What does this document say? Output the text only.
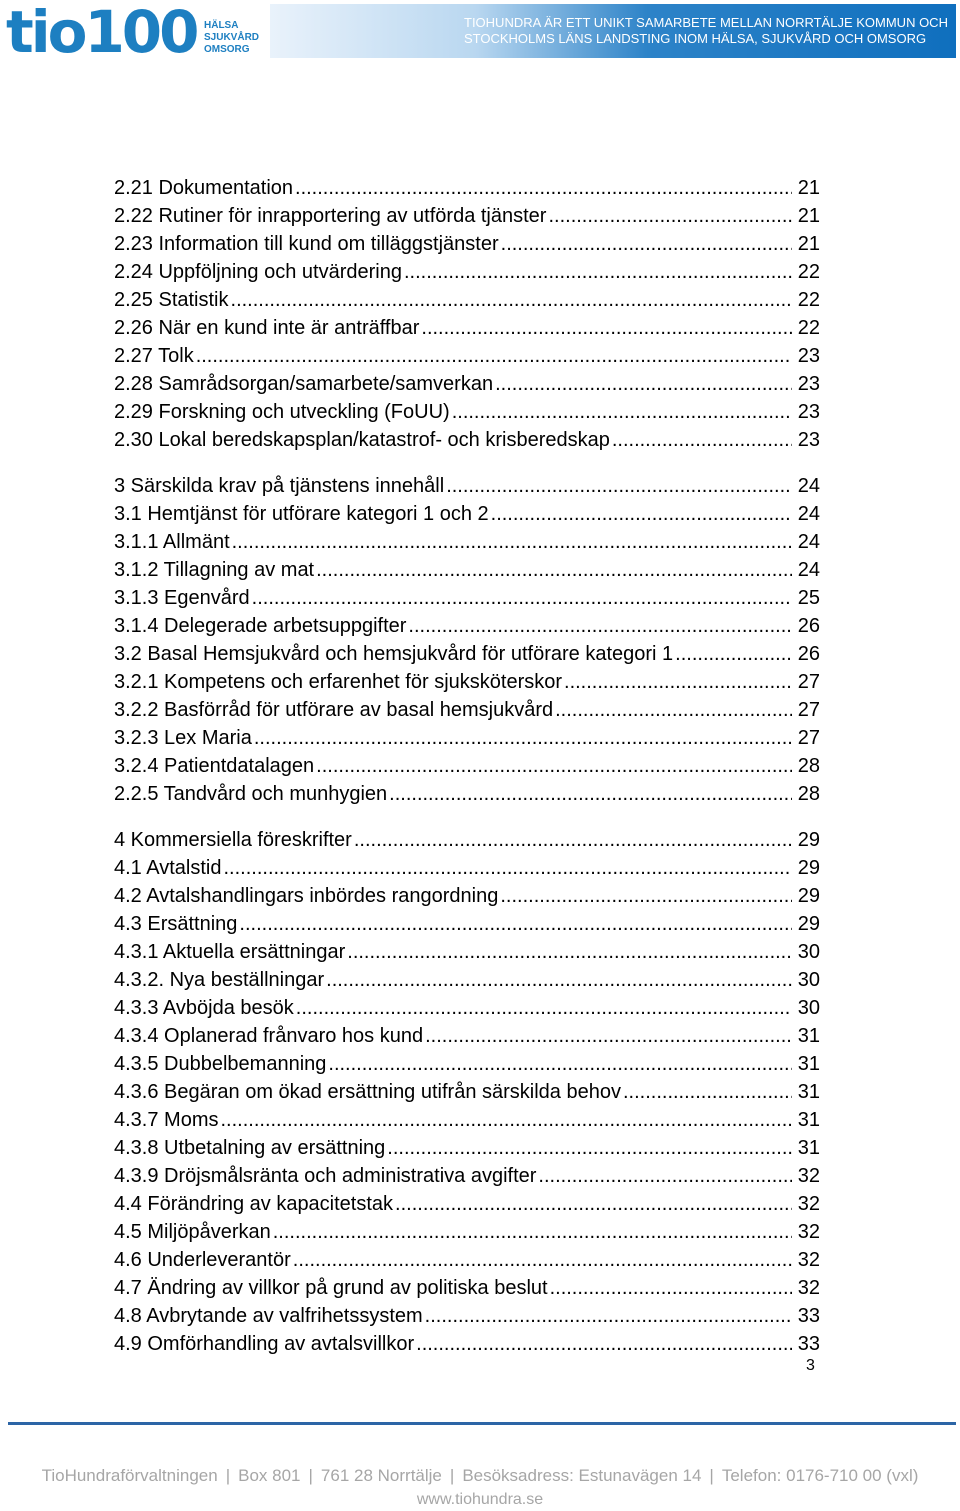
tio100 HÄLSA
SJUKVÅRD
OMSORG
TIOHUNDRA ÄR ETT UNIKT SAMARBETE MELLAN NORRTÄLJE KOMMUN OCH
STOCKHOLMS LÄNS LANDSTING INOM HÄLSA, SJUKVÅRD OCH OMSORG
2.21 Dokumentation .....	21
2.22 Rutiner för inrapportering av utförda tjänster .....	21
2.23 Information till kund om tilläggstjänster .....	21
2.24 Uppföljning och utvärdering .....	22
2.25 Statistik .....	22
2.26 När en kund inte är anträffbar .....	22
2.27 Tolk .....	23
2.28 Samrådsorgan/samarbete/samverkan .....	23
2.29 Forskning och utveckling (FoUU) .....	23
2.30 Lokal beredskapsplan/katastrof- och krisberedskap .....	23
3 Särskilda krav på tjänstens innehåll .....	24
3.1 Hemtjänst för utförare kategori 1 och 2 .....	24
3.1.1 Allmänt .....	24
3.1.2 Tillagning av mat .....	24
3.1.3 Egenvård .....	25
3.1.4 Delegerade arbetsuppgifter .....	26
3.2 Basal Hemsjukvård och hemsjukvård för utförare kategori 1 .....	26
3.2.1 Kompetens och erfarenhet för sjuksköterskor .....	27
3.2.2 Basförråd för utförare av basal hemsjukvård .....	27
3.2.3 Lex Maria .....	27
3.2.4 Patientdatalagen .....	28
2.2.5 Tandvård och munhygien .....	28
4 Kommersiella föreskrifter .....	29
4.1 Avtalstid .....	29
4.2 Avtalshandlingars inbördes rangordning .....	29
4.3 Ersättning .....	29
4.3.1 Aktuella ersättningar .....	30
4.3.2. Nya beställningar .....	30
4.3.3 Avböjda besök .....	30
4.3.4 Oplanerad frånvaro hos kund .....	31
4.3.5 Dubbelbemanning .....	31
4.3.6 Begäran om ökad ersättning utifrån särskilda behov .....	31
4.3.7 Moms .....	31
4.3.8 Utbetalning av ersättning .....	31
4.3.9 Dröjsmålsränta och administrativa avgifter .....	32
4.4 Förändring av kapacitetstak .....	32
4.5 Miljöpåverkan .....	32
4.6 Underleverantör .....	32
4.7 Ändring av villkor på grund av politiska beslut .....	32
4.8 Avbrytande av valfrihetssystem .....	33
4.9 Omförhandling av avtalsvillkor .....	33
3
TioHundraförvaltningen | Box 801 | 761 28 Norrtälje | Besöksadress: Estunavägen 14 | Telefon: 0176-710 00 (vxl)
www.tiohundra.se
